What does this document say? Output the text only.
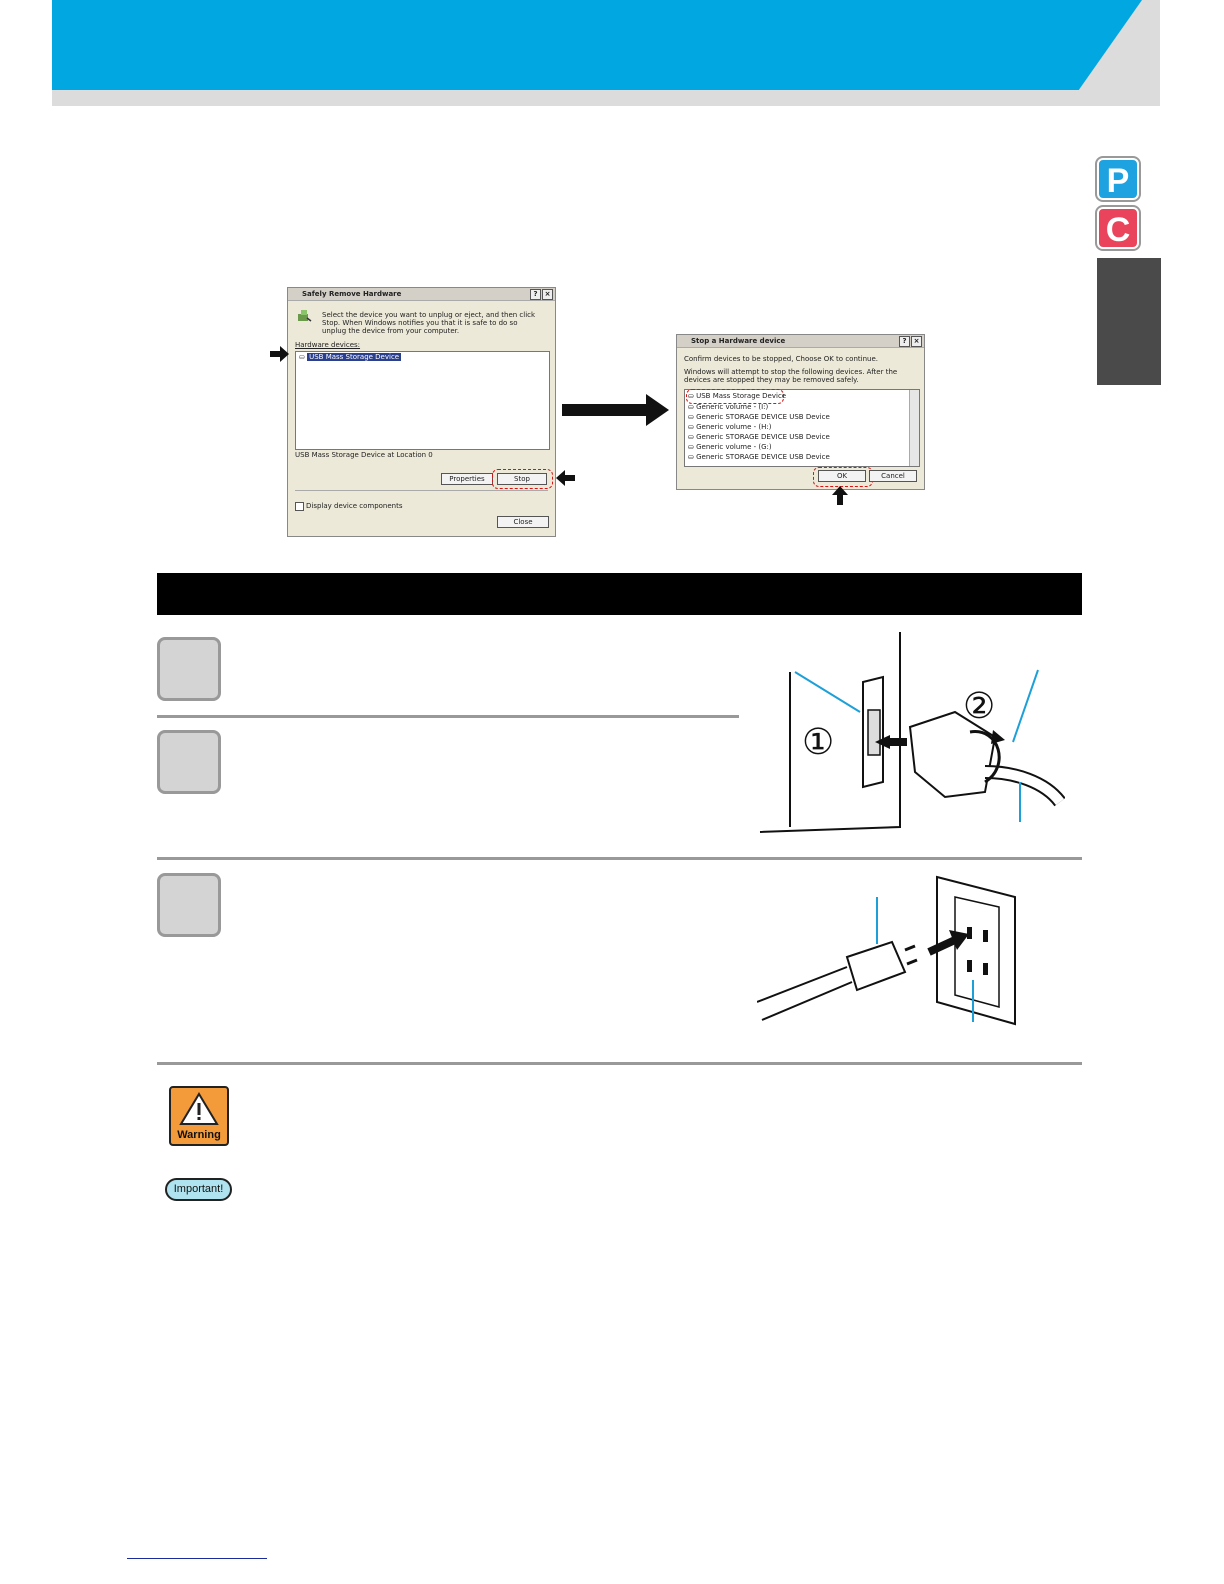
P
C
Safely Remove Hardware	?	×
Select the device you want to unplug or eject, and then click Stop. When Windows notifies you that it is safe to do so unplug the device from your computer.
Hardware devices:
⛀ USB Mass Storage Device
USB Mass Storage Device at Location 0
Properties	Stop
Display device components
Close
Stop a Hardware device	?	×
Confirm devices to be stopped, Choose OK to continue.
Windows will attempt to stop the following devices. After the devices are stopped they may be removed safely.
⛀ USB Mass Storage Device
⛀ Generic volume - (I:)
⛀ Generic STORAGE DEVICE USB Device
⛀ Generic volume - (H:)
⛀ Generic STORAGE DEVICE USB Device
⛀ Generic volume - (G:)
⛀ Generic STORAGE DEVICE USB Device
OK	Cancel
①
②
Warning
Important!
